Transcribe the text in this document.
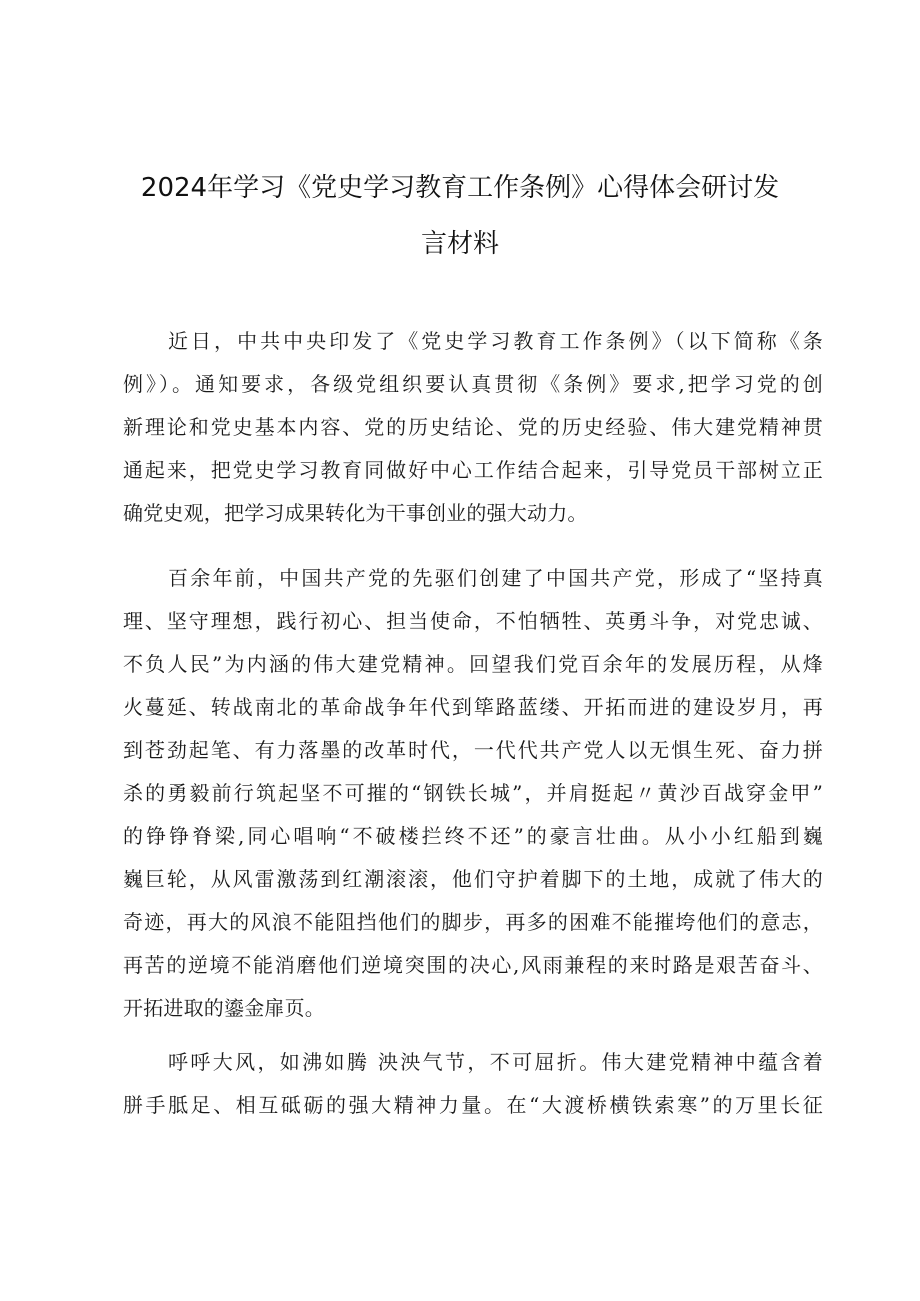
2024年学习《党史学习教育工作条例》心得体会研讨发
言材料
近日，中共中央印发了《党史学习教育工作条例》（以下简称《条
例》）。通知要求，各级党组织要认真贯彻《条例》要求,把学习党的创
新理论和党史基本内容、党的历史结论、党的历史经验、伟大建党精神贯
通起来，把党史学习教育同做好中心工作结合起来，引导党员干部树立正
确党史观，把学习成果转化为干事创业的强大动力。
百余年前，中国共产党的先驱们创建了中国共产党，形成了“坚持真
理、坚守理想，践行初心、担当使命，不怕牺牲、英勇斗争，对党忠诚、
不负人民”为内涵的伟大建党精神。回望我们党百余年的发展历程，从烽
火蔓延、转战南北的革命战争年代到筚路蓝缕、开拓而进的建设岁月，再
到苍劲起笔、有力落墨的改革时代，一代代共产党人以无惧生死、奋力拼
杀的勇毅前行筑起坚不可摧的“钢铁长城”，并肩挺起〃黄沙百战穿金甲”
的铮铮脊梁,同心唱响“不破楼拦终不还”的豪言壮曲。从小小红船到巍
巍巨轮，从风雷激荡到红潮滚滚，他们守护着脚下的土地，成就了伟大的
奇迹，再大的风浪不能阻挡他们的脚步，再多的困难不能摧垮他们的意志，
再苦的逆境不能消磨他们逆境突围的决心,风雨兼程的来时路是艰苦奋斗、
开拓进取的鎏金扉页。
呼呼大风，如沸如腾 泱泱气节，不可屈折。伟大建党精神中蕴含着
胼手胝足、相互砥砺的强大精神力量。在“大渡桥横铁索寒”的万里长征
